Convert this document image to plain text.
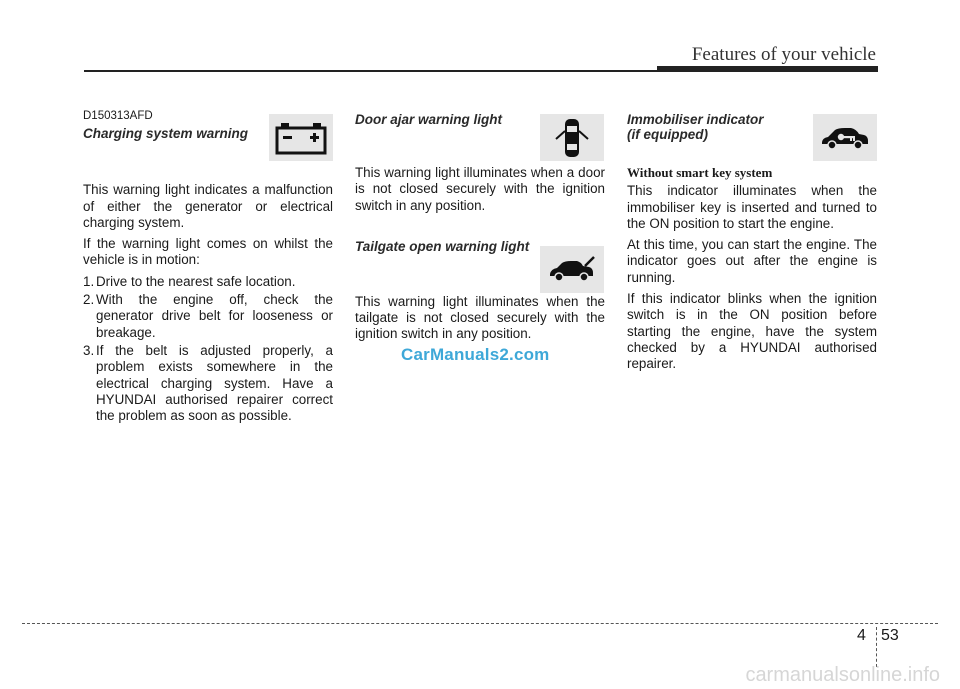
Features of your vehicle

D150313AFD

Charging system warning

This warning light indicates a malfunction of either the generator or electrical charging system.

If the warning light comes on whilst the vehicle is in motion:

1. Drive to the nearest safe location.
2. With the engine off, check the generator drive belt for looseness or breakage.
3. If the belt is adjusted properly, a problem exists somewhere in the electrical charging system. Have a HYUNDAI authorised repairer correct the problem as soon as possible.

Door ajar warning light

This warning light illuminates when a door is not closed securely with the ignition switch in any position.

Tailgate open warning light

This warning light illuminates when the tailgate is not closed securely with the ignition switch in any position.

Immobiliser indicator
(if equipped)

Without smart key system

This indicator illuminates when the immobiliser key is inserted and turned to the ON position to start the engine.

At this time, you can start the engine. The indicator goes out after the engine is running.

If this indicator blinks when the ignition switch is in the ON position before starting the engine, have the system checked by a HYUNDAI authorised repairer.

CarManuals2.com
4 53
carmanualsonline.info
